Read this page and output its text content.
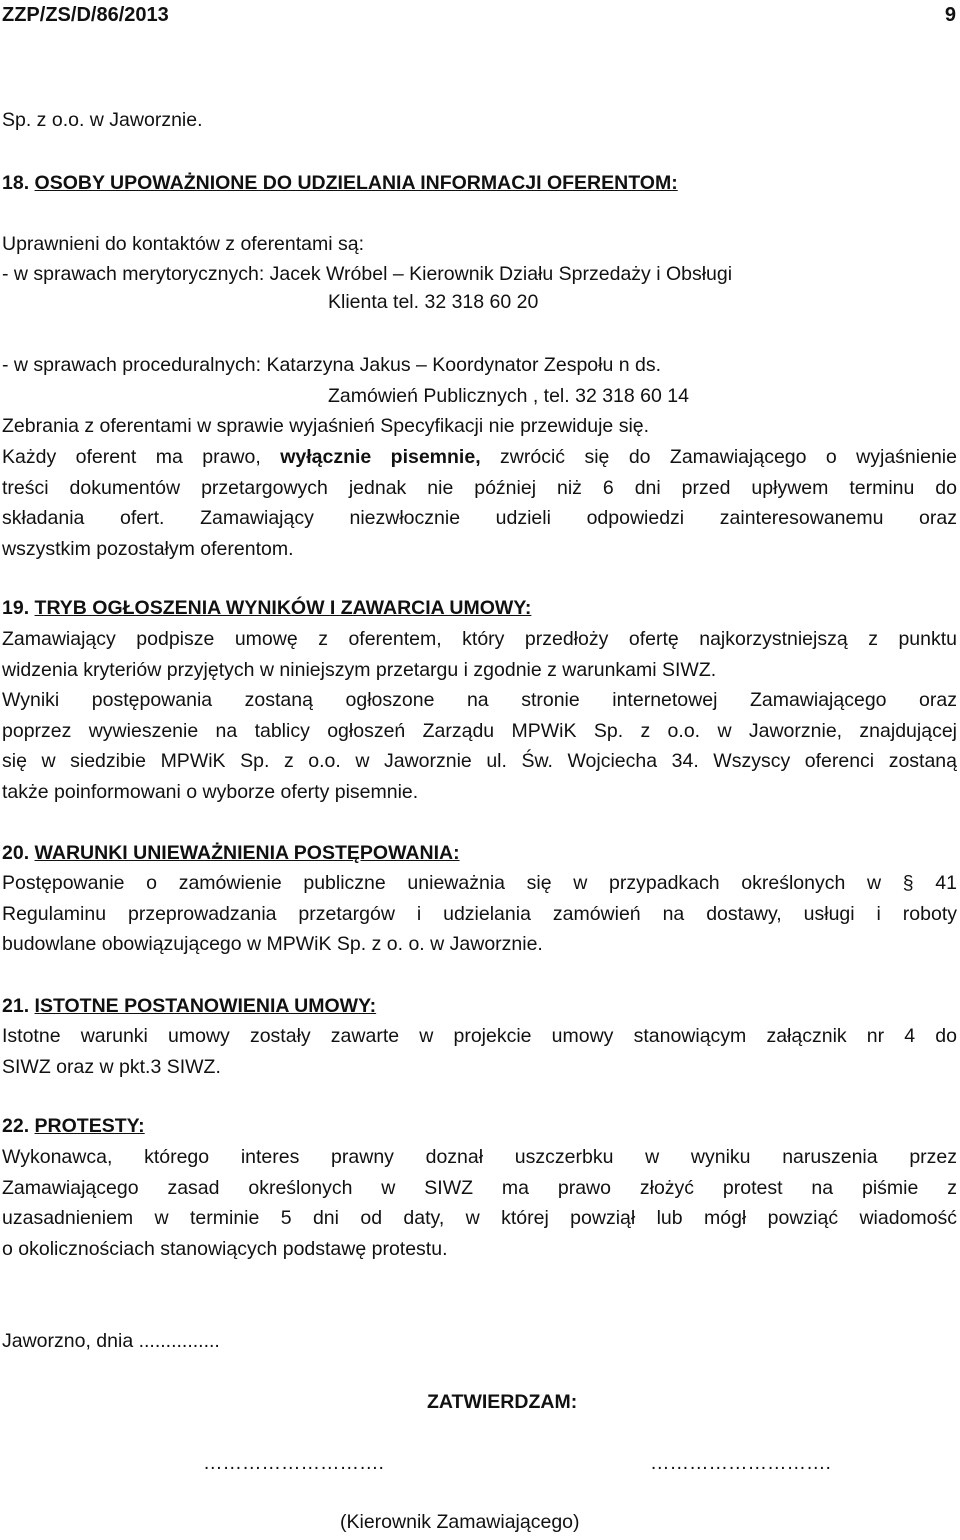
ZZP/ZS/D/86/2013	9
Sp. z o.o. w Jaworznie.
18. OSOBY UPOWAŻNIONE DO UDZIELANIA INFORMACJI OFERENTOM:
Uprawnieni do kontaktów z oferentami są:
- w sprawach merytorycznych: Jacek Wróbel – Kierownik Działu Sprzedaży i Obsługi
Klienta tel. 32 318 60 20
- w sprawach proceduralnych: Katarzyna Jakus – Koordynator Zespołu n ds.
Zamówień Publicznych , tel. 32 318 60 14
Zebrania z oferentami w sprawie wyjaśnień Specyfikacji nie przewiduje się.
Każdy oferent ma prawo, wyłącznie pisemnie, zwrócić się do Zamawiającego o wyjaśnienie
treści dokumentów przetargowych jednak nie później niż 6 dni przed upływem terminu do
składania ofert. Zamawiający niezwłocznie udzieli odpowiedzi zainteresowanemu oraz
wszystkim pozostałym oferentom.
19. TRYB OGŁOSZENIA WYNIKÓW I ZAWARCIA UMOWY:
Zamawiający podpisze umowę z oferentem, który przedłoży ofertę najkorzystniejszą z punktu
widzenia kryteriów przyjętych w niniejszym przetargu i zgodnie z warunkami SIWZ.
Wyniki postępowania zostaną ogłoszone na stronie internetowej Zamawiającego oraz
poprzez wywieszenie na tablicy ogłoszeń Zarządu MPWiK Sp. z o.o. w Jaworznie, znajdującej
się w siedzibie MPWiK Sp. z o.o. w Jaworznie ul. Św. Wojciecha 34. Wszyscy oferenci zostaną
także poinformowani o wyborze oferty pisemnie.
20. WARUNKI UNIEWAŻNIENIA POSTĘPOWANIA:
Postępowanie o zamówienie publiczne unieważnia się w przypadkach określonych w § 41
Regulaminu przeprowadzania przetargów i udzielania zamówień na dostawy, usługi i roboty
budowlane obowiązującego w MPWiK Sp. z o. o. w Jaworznie.
21. ISTOTNE POSTANOWIENIA UMOWY:
Istotne warunki umowy zostały zawarte w projekcie umowy stanowiącym załącznik nr 4 do
SIWZ oraz w pkt.3 SIWZ.
22. PROTESTY:
Wykonawca, którego interes prawny doznał uszczerbku w wyniku naruszenia przez
Zamawiającego zasad określonych w SIWZ ma prawo złożyć protest na piśmie z
uzasadnieniem w terminie 5 dni od daty, w której powziął lub mógł powziąć wiadomość
o okolicznościach stanowiących podstawę protestu.
Jaworzno, dnia ...............
ZATWIERDZAM:
……………………….	……………………….
(Kierownik Zamawiającego)
